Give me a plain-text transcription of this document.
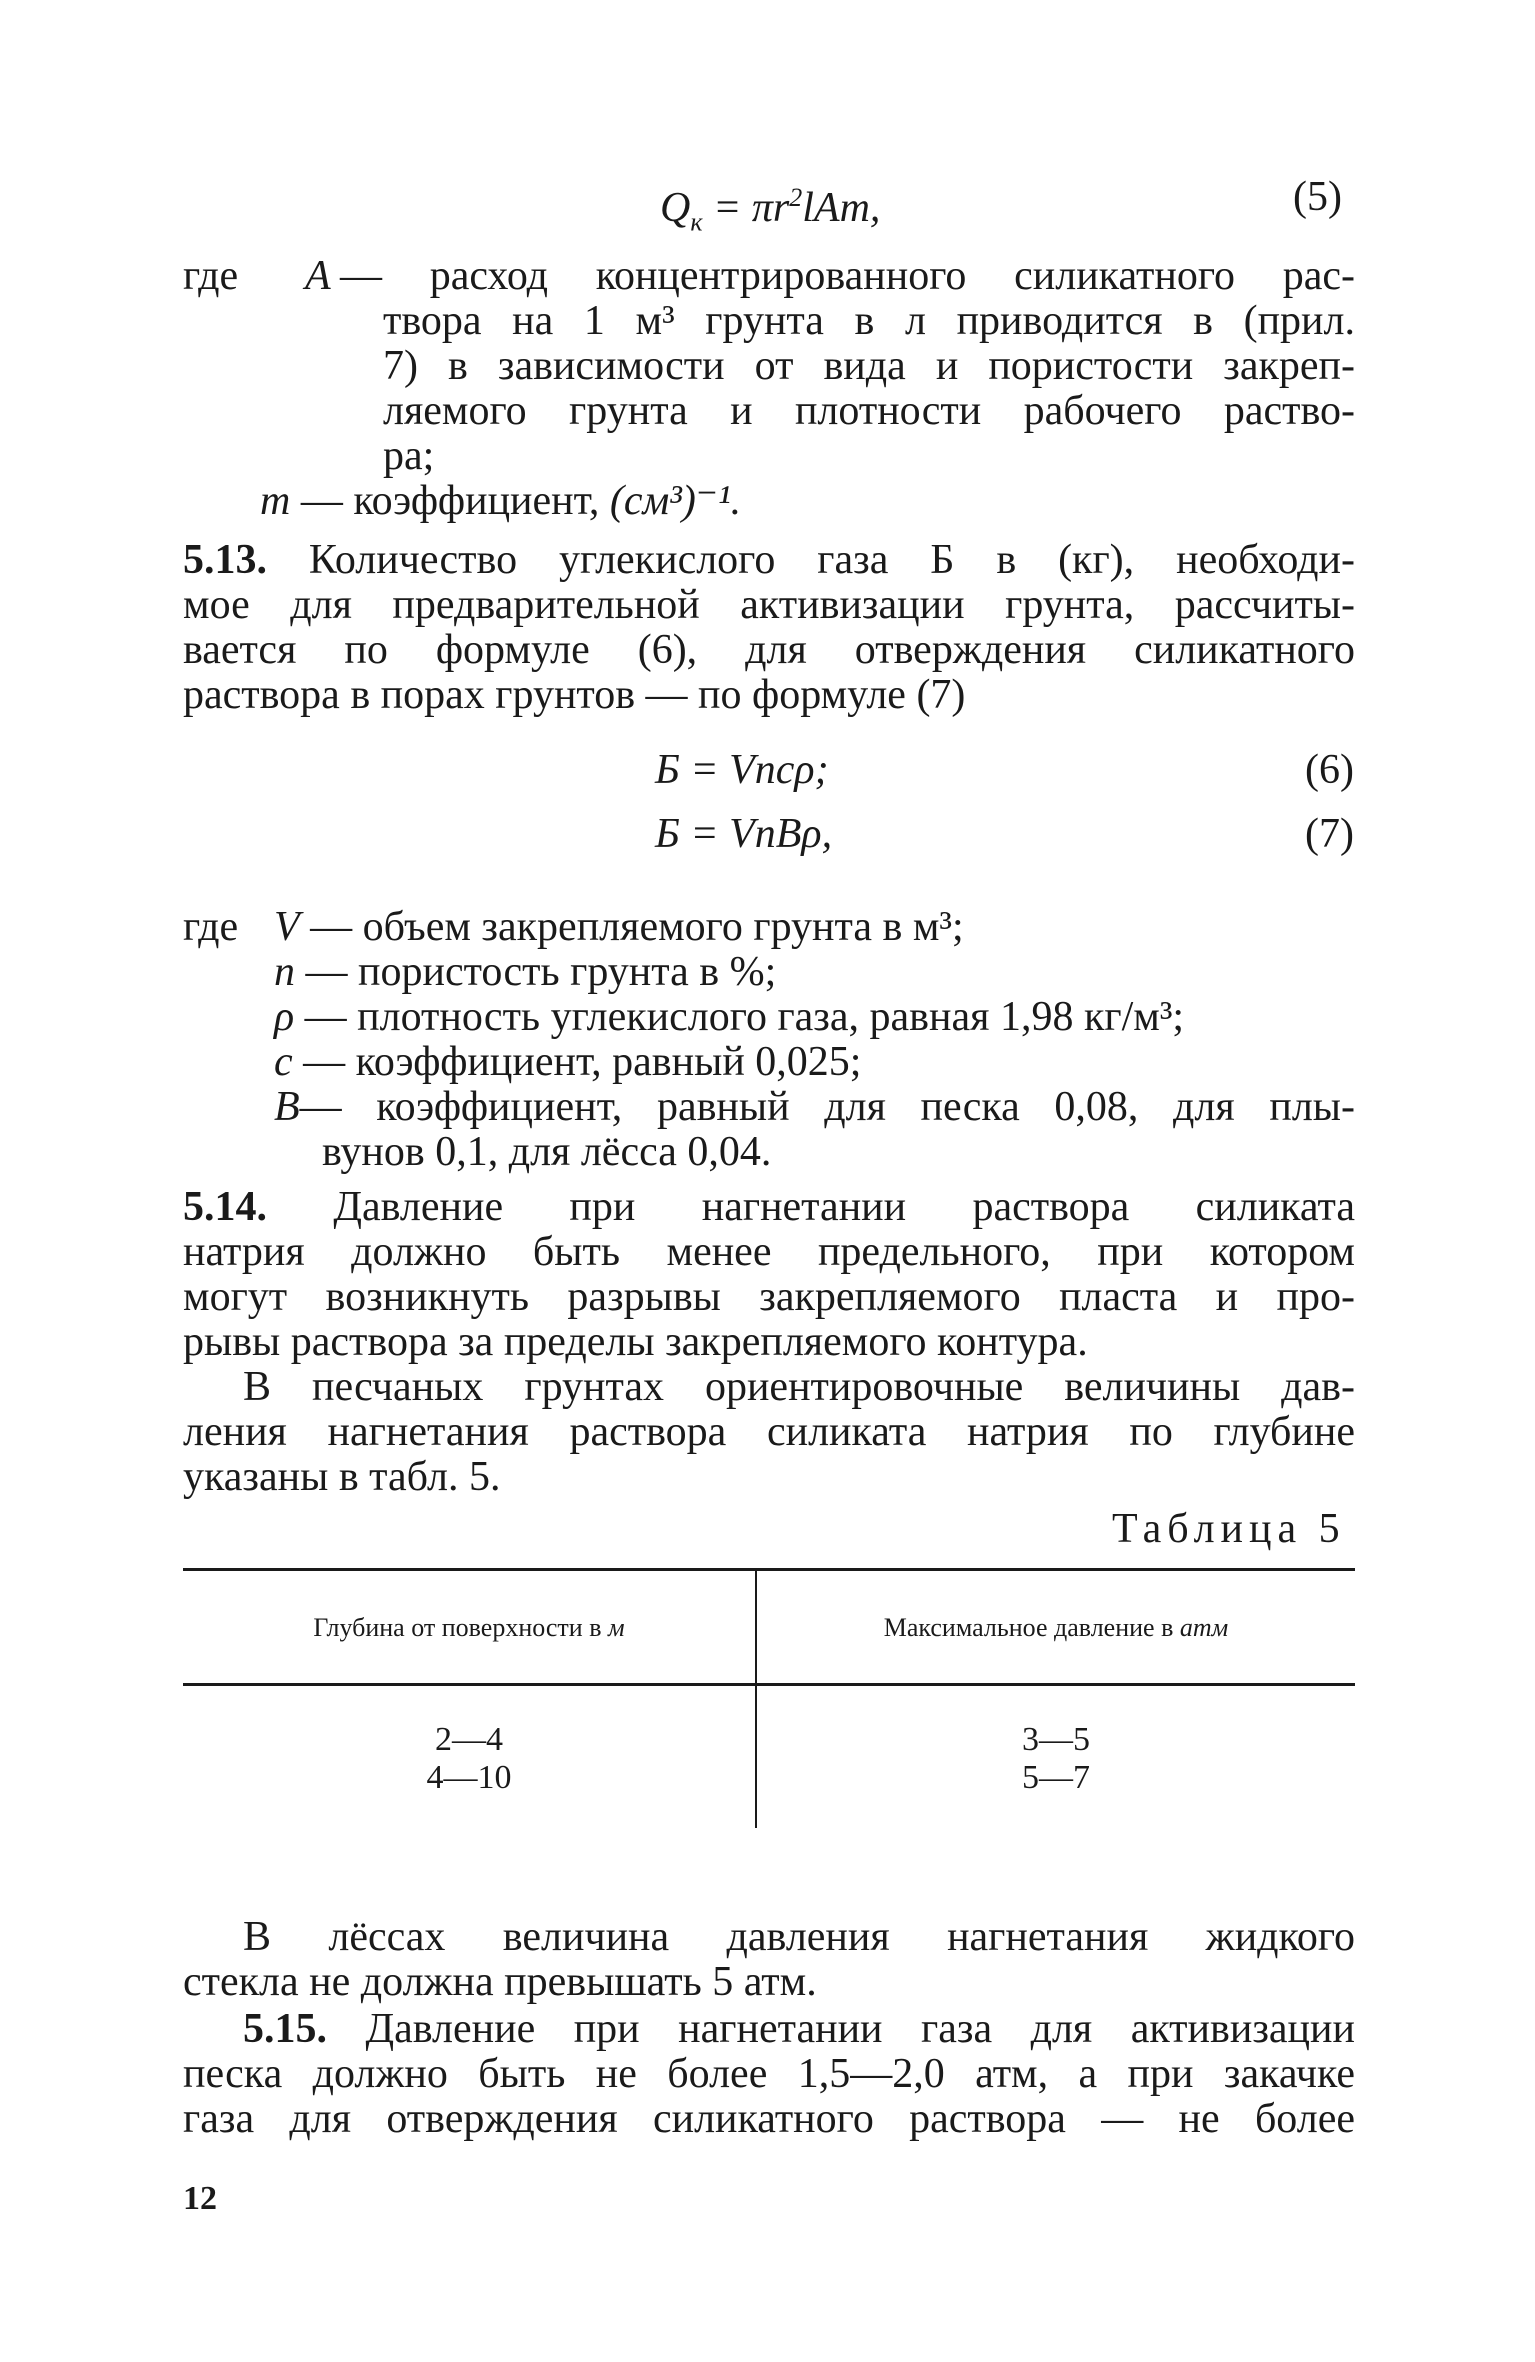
$Q_к = \pi r^2lAm$,	(5)
где A — расход концентрированного силикатного рас-
твора на 1 м³ грунта в л приводится в (прил.
7) в зависимости от вида и пористости закреп-
ляемого грунта и плотности рабочего раство-
ра;
m — коэффициент, (см³)⁻¹.
5.13. Количество углекислого газа Б в (кг), необходи-
мое для предварительной активизации грунта, рассчиты-
вается по формуле (6), для отверждения силикатного
раствора в порах грунтов — по формуле (7)
Б = Vncρ;	(6)
Б = VnBρ,	(7)
где V — объем закрепляемого грунта в м³;
n — пористость грунта в %;
ρ — плотность углекислого газа, равная 1,98 кг/м³;
c — коэффициент, равный 0,025;
B— коэффициент, равный для песка 0,08, для плы-
вунов 0,1, для лёсса 0,04.
5.14. Давление при нагнетании раствора силиката
натрия должно быть менее предельного, при котором
могут возникнуть разрывы закрепляемого пласта и про-
рывы раствора за пределы закрепляемого контура.
В песчаных грунтах ориентировочные величины дав-
ления нагнетания раствора силиката натрия по глубине
указаны в табл. 5.
Таблица 5
Глубина от поверхности в м	Максимальное давление в атм
2—4	3—5
4—10	5—7
В лёссах величина давления нагнетания жидкого
стекла не должна превышать 5 атм.
5.15. Давление при нагнетании газа для активизации
песка должно быть не более 1,5—2,0 атм, а при закачке
газа для отверждения силикатного раствора — не более
12
